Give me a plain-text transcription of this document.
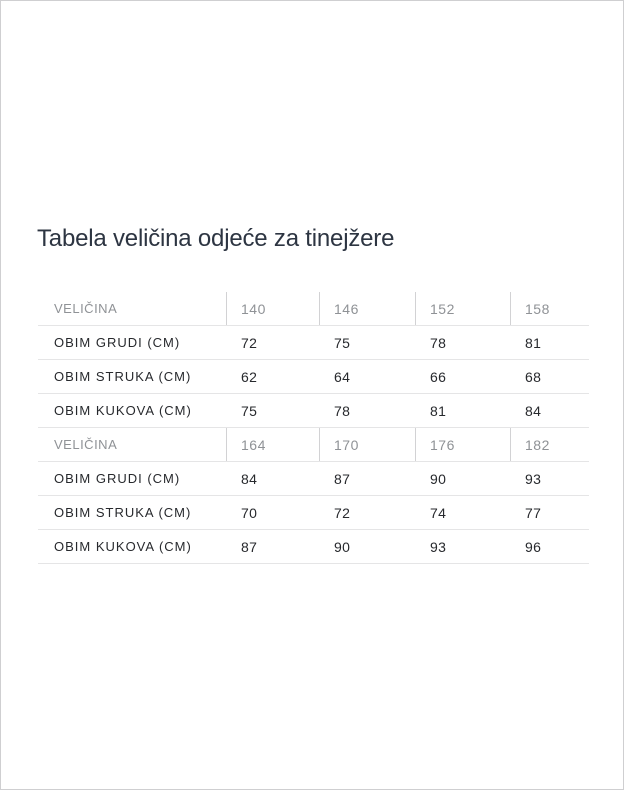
Tabela veličina odjeće za tinejžere
VELIČINA	140	146	152	158
OBIM GRUDI (CM)	72	75	78	81
OBIM STRUKA (CM)	62	64	66	68
OBIM KUKOVA (CM)	75	78	81	84
VELIČINA	164	170	176	182
OBIM GRUDI (CM)	84	87	90	93
OBIM STRUKA (CM)	70	72	74	77
OBIM KUKOVA (CM)	87	90	93	96
